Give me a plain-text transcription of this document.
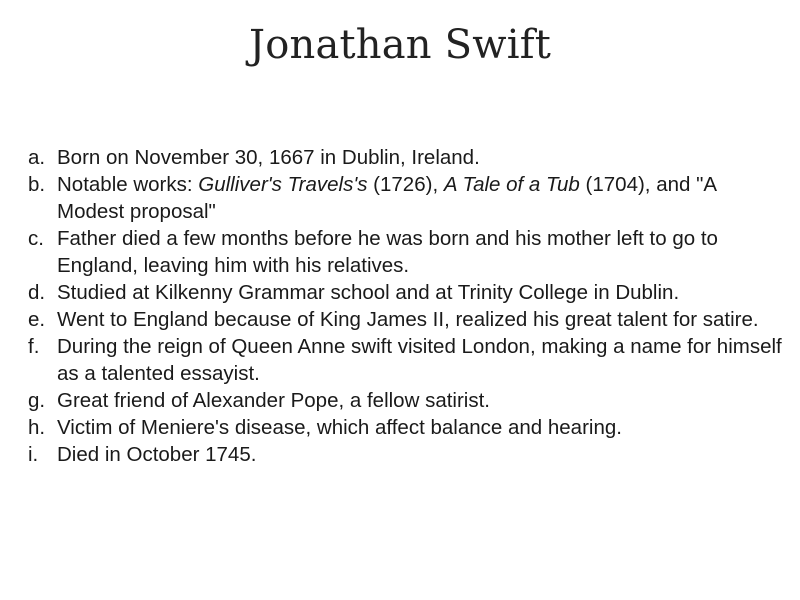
Jonathan Swift
a. Born on November 30, 1667 in Dublin, Ireland.
b. Notable works: Gulliver's Travels's (1726), A Tale of a Tub (1704), and "A Modest proposal"
c. Father died a few months before he was born and his mother left to go to England, leaving him with his relatives.
d. Studied at Kilkenny Grammar school and at Trinity College in Dublin.
e. Went to England because of King James II, realized his great talent for satire.
f. During the reign of Queen Anne swift visited London, making a name for himself as a talented essayist.
g. Great friend of Alexander Pope, a fellow satirist.
h. Victim of Meniere's disease, which affect balance and hearing.
i. Died in October 1745.
